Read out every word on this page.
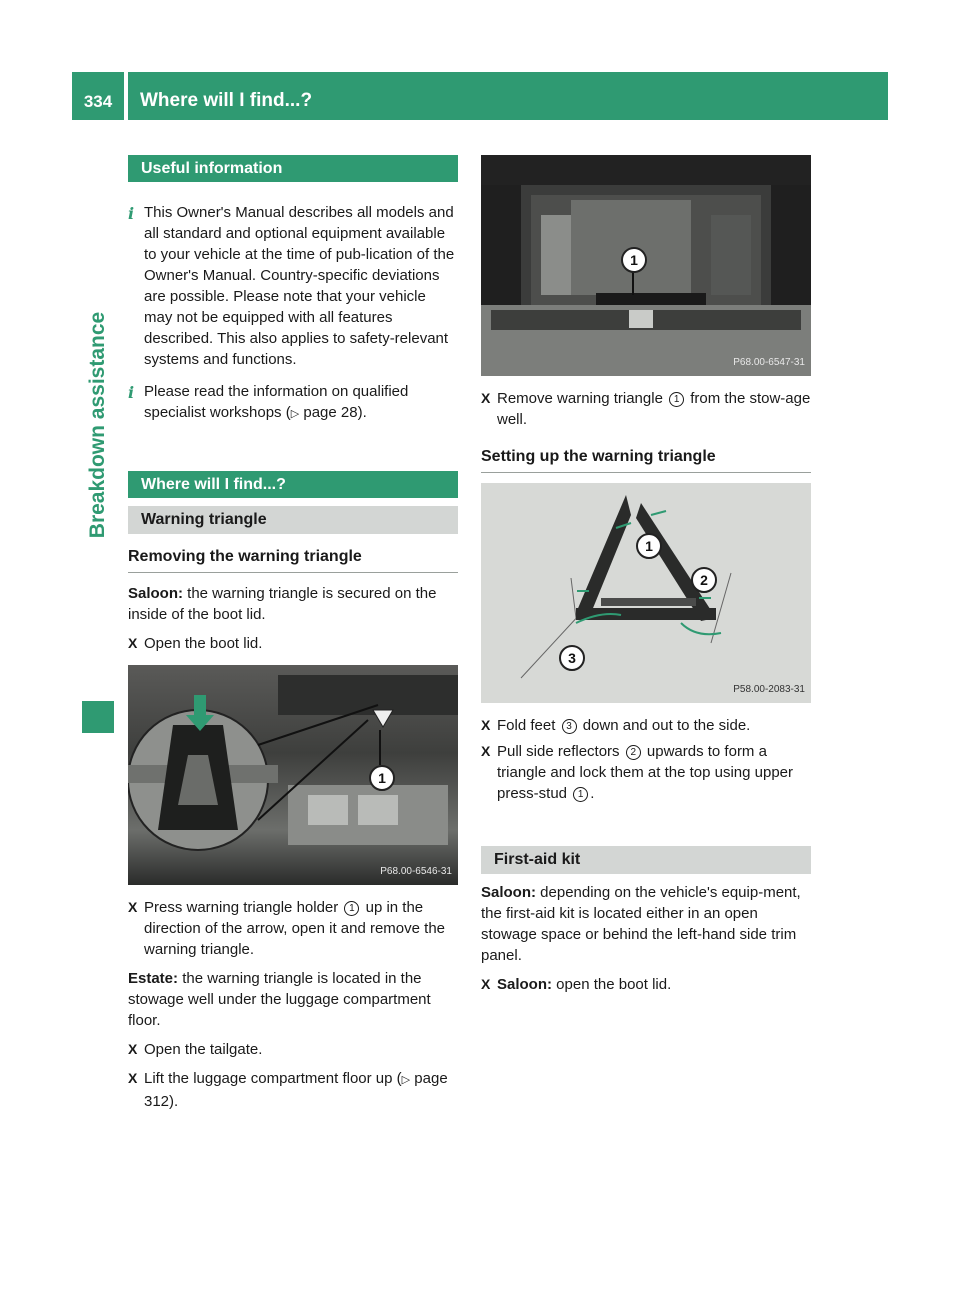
334	Where will I find...?
Breakdown assistance
Useful information
i This Owner's Manual describes all models and all standard and optional equipment available to your vehicle at the time of pub-lication of the Owner's Manual. Country-specific deviations are possible. Please note that your vehicle may not be equipped with all features described. This also applies to safety-relevant systems and functions.

i Please read the information on qualified specialist workshops (▷ page 28).

Where will I find...?
Warning triangle
Removing the warning triangle

Saloon: the warning triangle is secured on the inside of the boot lid.

X Open the boot lid.

1
P68.00-6546-31
X Press warning triangle holder 1 up in the direction of the arrow, open it and remove the warning triangle.

Estate: the warning triangle is located in the stowage well under the luggage compartment floor.

X Open the tailgate.

X Lift the luggage compartment floor up (▷ page 312).

1
P68.00-6547-31
X Remove warning triangle 1 from the stow-age well.

Setting up the warning triangle
1
2
3
P58.00-2083-31
X Fold feet 3 down and out to the side.

X Pull side reflectors 2 upwards to form a triangle and lock them at the top using upper press-stud 1 .

First-aid kit

Saloon: depending on the vehicle's equip-ment, the first-aid kit is located either in an open stowage space or behind the left-hand side trim panel.

X Saloon: open the boot lid.
